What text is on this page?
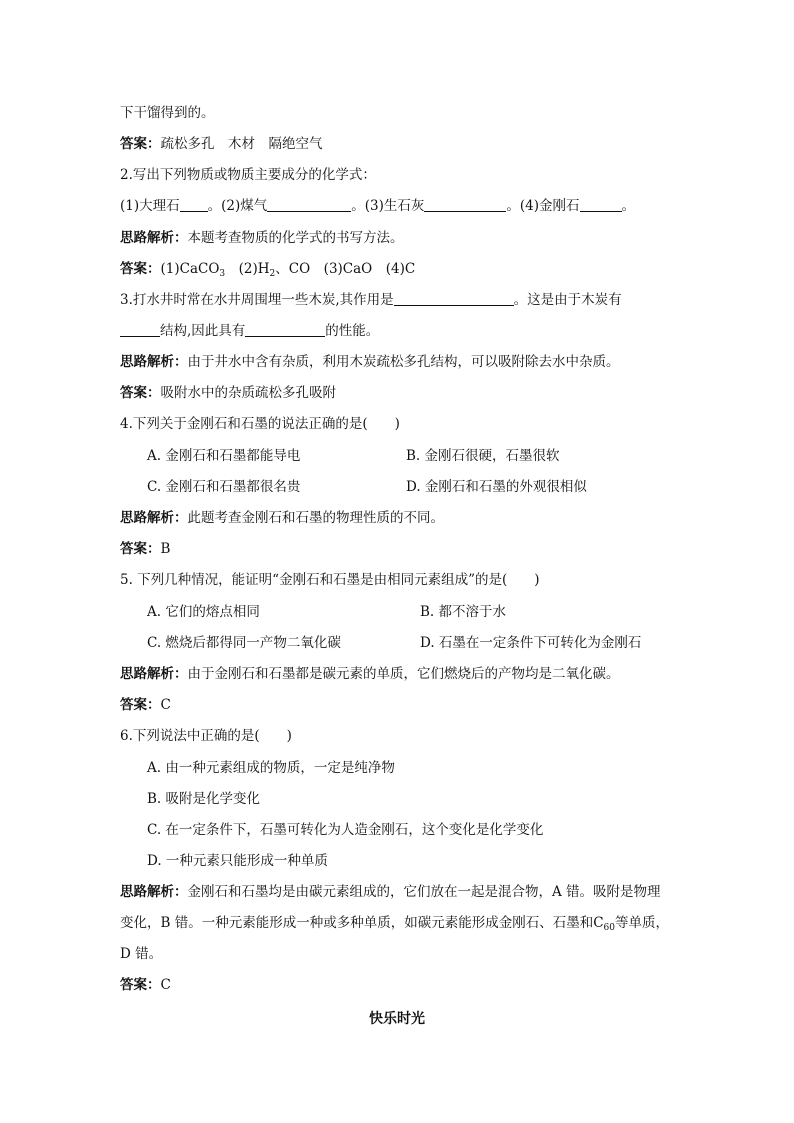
下干馏得到的。
答案：疏松多孔　木材　隔绝空气
2.写出下列物质或物质主要成分的化学式：
(1)大理石 。(2)煤气	。(3)生石灰	。(4)金刚石	。
思路解析：本题考查物质的化学式的书写方法。
答案：(1)CaCO$_3$　 $(2)H_2$、CO　(3)CaO　(4)C
3.打水井时常在水井周围埋一些木炭,其作用是	。这是由于木炭有
结构,因此具有	的性能。
思路解析：由于井水中含有杂质，利用木炭疏松多孔结构，可以吸附除去水中杂质。
答案：吸附水中的杂质疏松多孔吸附
4.下列关于金刚石和石墨的说法正确的是(　　)
A. 金刚石和石墨都能导电	B. 金刚石很硬，石墨很软
C. 金刚石和石墨都很名贵	D. 金刚石和石墨的外观很相似
思路解析：此题考查金刚石和石墨的物理性质的不同。
答案：B
5. 下列几种情况，能证明“金刚石和石墨是由相同元素组成”的是(　　)
A. 它们的熔点相同	B. 都不溶于水
C. 燃烧后都得同一产物二氧化碳	D. 石墨在一定条件下可转化为金刚石
思路解析：由于金刚石和石墨都是碳元素的单质，它们燃烧后的产物均是二氧化碳。
答案：C
6.下列说法中正确的是(　　)
A. 由一种元素组成的物质，一定是纯净物
B. 吸附是化学变化
C. 在一定条件下，石墨可转化为人造金刚石，这个变化是化学变化
D. 一种元素只能形成一种单质
思路解析：金刚石和石墨均是由碳元素组成的，它们放在一起是混合物，A 错。吸附是物理
变化，B 错。一种元素能形成一种或多种单质，如碳元素能形成金刚石、石墨和$C_{60}$等单质，
D 错。
答案：C
快乐时光
